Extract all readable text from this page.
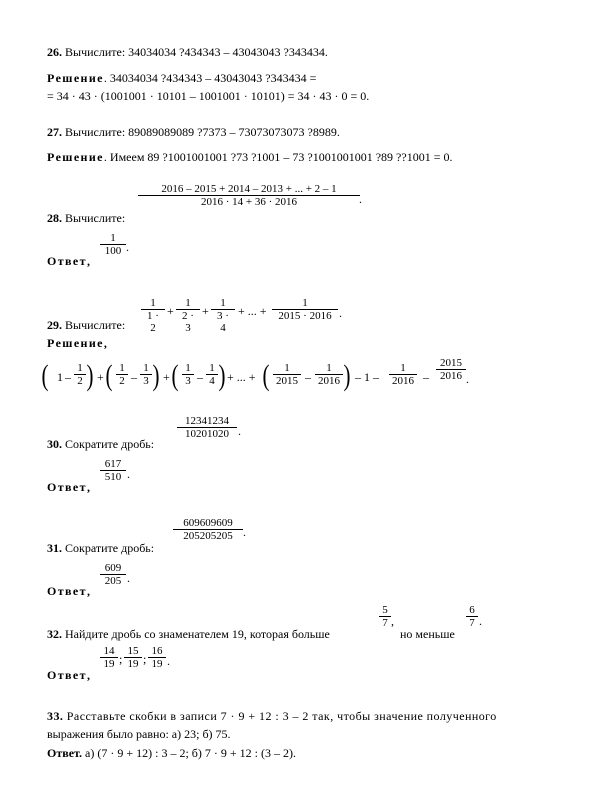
26. Вычислите: 34034034 ?434343 – 43043043 ?343434.
Решение. 34034034 ?434343 – 43043043 ?343434 =
= 34 · 43 · (1001001 · 10101 – 1001001 · 10101) = 34 · 43 · 0 = 0.
27. Вычислите: 89089089089 ?7373 – 73073073073 ?8989.
Решение. Имеем 89 ?1001001001 ?73 ?1001 – 73 ?1001001001 ?89 ??1001 = 0.
$\frac{2016 - 2015 + 2014 - 2013 + ... + 2 - 1}{2016 \cdot 14 + 36 \cdot 2016}$ .
28. Вычислите:
Ответ,
$\frac{1}{100}$ .
$\frac{1}{1 \cdot 2} + \frac{1}{2 \cdot 3} + \frac{1}{3 \cdot 4}$ + ... + $\frac{1}{2015 \cdot 2016}$ .
29. Вычислите:
Решение,
( $1 - \frac{1}{2}$ ) + ( $\frac{1}{2} - \frac{1}{3}$ ) + ( $\frac{1}{3} - \frac{1}{4}$ ) + ... + ( $\frac{1}{2015} - \frac{1}{2016}$ ) – $1 - \frac{1}{2016} - \frac{2015}{2016}$ .
$\frac{12341234}{10201020}$ .
30. Сократите дробь:
Ответ,
$\frac{617}{510}$ .
$\frac{609609609}{205205205}$ .
31. Сократите дробь:
Ответ,
$\frac{609}{205}$ .
32. Найдите дробь со знаменателем 19, которая больше
$\frac{5}{7}$ ,
но меньше
$\frac{6}{7}$ .
Ответ,
$\frac{14}{19}$ ; $\frac{15}{19}$ ; $\frac{16}{19}$ .
33. Расставьте скобки в записи 7 · 9 + 12 : 3 – 2 так, чтобы значение полученного
выражения было равно: а) 23; б) 75.
Ответ. а) (7 · 9 + 12) : 3 – 2; б) 7 · 9 + 12 : (3 – 2).
